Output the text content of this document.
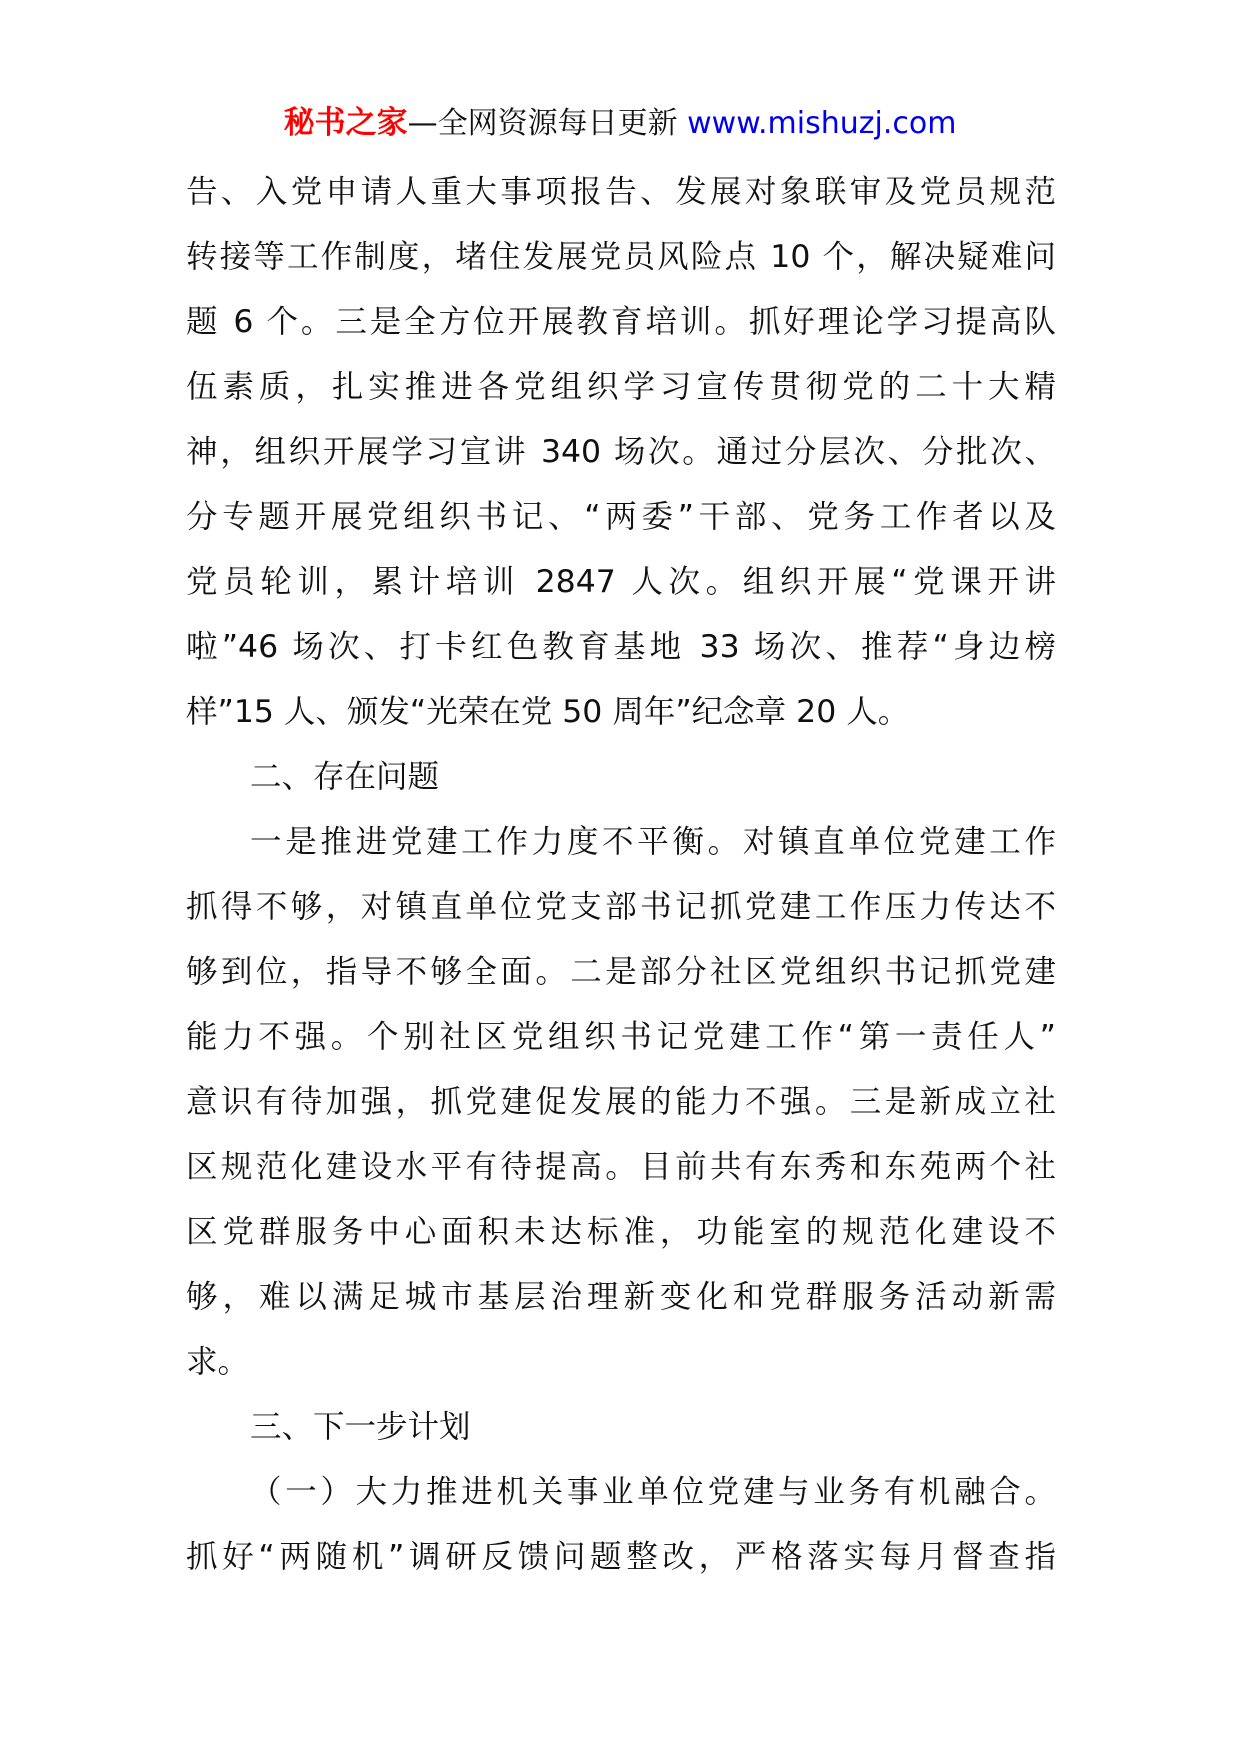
秘书之家—全网资源每日更新 www.mishuzj.com
告、入党申请人重大事项报告、发展对象联审及党员规范
转接等工作制度，堵住发展党员风险点 10 个，解决疑难问
题 6 个。三是全方位开展教育培训。抓好理论学习提高队
伍素质，扎实推进各党组织学习宣传贯彻党的二十大精
神，组织开展学习宣讲 340 场次。通过分层次、分批次、
分专题开展党组织书记、“两委”干部、党务工作者以及
党员轮训，累计培训 2847 人次。组织开展“党课开讲
啦”46 场次、打卡红色教育基地 33 场次、推荐“身边榜
样”15 人、颁发“光荣在党 50 周年”纪念章 20 人。
二、存在问题
一是推进党建工作力度不平衡。对镇直单位党建工作
抓得不够，对镇直单位党支部书记抓党建工作压力传达不
够到位，指导不够全面。二是部分社区党组织书记抓党建
能力不强。个别社区党组织书记党建工作“第一责任人”
意识有待加强，抓党建促发展的能力不强。三是新成立社
区规范化建设水平有待提高。目前共有东秀和东苑两个社
区党群服务中心面积未达标准，功能室的规范化建设不
够，难以满足城市基层治理新变化和党群服务活动新需
求。
三、下一步计划
（一）大力推进机关事业单位党建与业务有机融合。
抓好“两随机”调研反馈问题整改，严格落实每月督查指
